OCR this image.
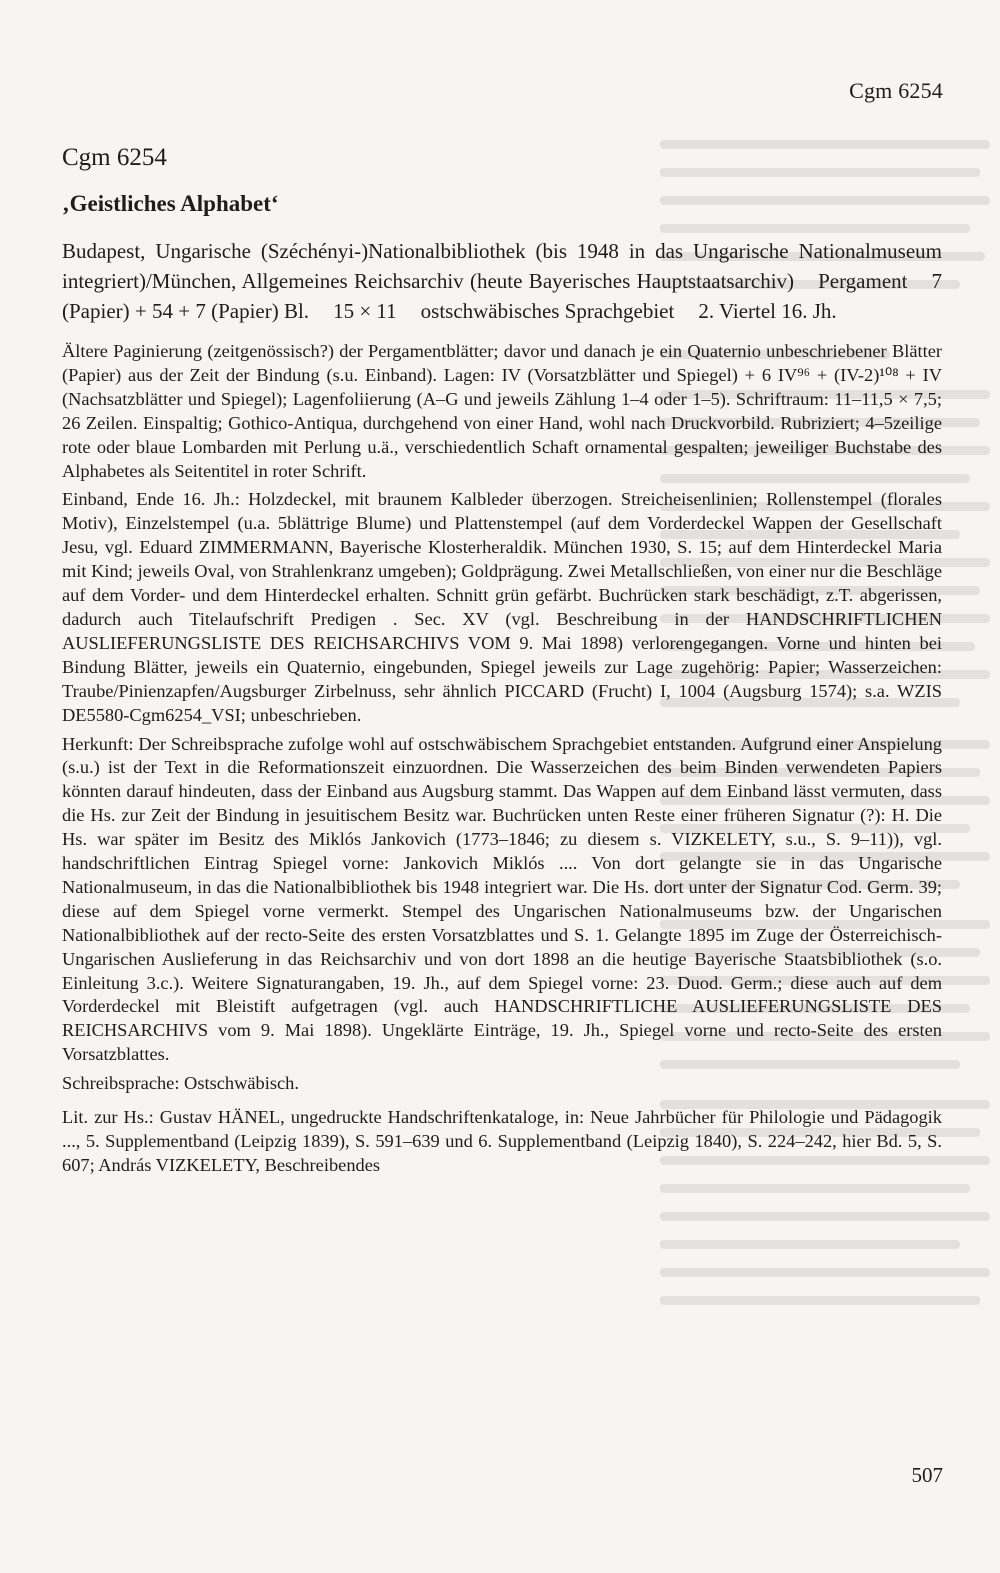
Cgm 6254
Cgm 6254
‚Geistliches Alphabet‘

Budapest, Ungarische (Széchényi-)Nationalbibliothek (bis 1948 in das Ungarische Nationalmuseum integriert)/München, Allgemeines Reichsarchiv (heute Bayerisches Hauptstaatsarchiv) Pergament 7 (Papier) + 54 + 7 (Papier) Bl. 15 × 11 ostschwäbisches Sprachgebiet 2. Viertel 16. Jh.

Ältere Paginierung (zeitgenössisch?) der Pergamentblätter; davor und danach je ein Quaternio unbeschriebener Blätter (Papier) aus der Zeit der Bindung (s.u. Einband). Lagen: IV (Vorsatzblätter und Spiegel) + 6 IV⁹⁶ + (IV-2)¹⁰⁸ + IV (Nachsatzblätter und Spiegel); Lagenfoliierung (A–G und jeweils Zählung 1–4 oder 1–5). Schriftraum: 11–11,5 × 7,5; 26 Zeilen. Einspaltig; Gothico-Antiqua, durchgehend von einer Hand, wohl nach Druckvorbild. Rubriziert; 4–5zeilige rote oder blaue Lombarden mit Perlung u.ä., verschiedentlich Schaft ornamental gespalten; jeweiliger Buchstabe des Alphabetes als Seitentitel in roter Schrift.

Einband, Ende 16. Jh.: Holzdeckel, mit braunem Kalbleder überzogen. Streicheisenlinien; Rollenstempel (florales Motiv), Einzelstempel (u.a. 5blättrige Blume) und Plattenstempel (auf dem Vorderdeckel Wappen der Gesellschaft Jesu, vgl. Eduard ZIMMERMANN, Bayerische Klosterheraldik. München 1930, S. 15; auf dem Hinterdeckel Maria mit Kind; jeweils Oval, von Strahlenkranz umgeben); Goldprägung. Zwei Metallschließen, von einer nur die Beschläge auf dem Vorder- und dem Hinterdeckel erhalten. Schnitt grün gefärbt. Buchrücken stark beschädigt, z.T. abgerissen, dadurch auch Titelaufschrift Predigen . Sec. XV (vgl. Beschreibung in der HANDSCHRIFTLICHEN AUSLIEFERUNGSLISTE DES REICHSARCHIVS VOM 9. Mai 1898) verlorengegangen. Vorne und hinten bei Bindung Blätter, jeweils ein Quaternio, eingebunden, Spiegel jeweils zur Lage zugehörig: Papier; Wasserzeichen: Traube/Pinienzapfen/Augsburger Zirbelnuss, sehr ähnlich PICCARD (Frucht) I, 1004 (Augsburg 1574); s.a. WZIS DE5580-Cgm6254_VSI; unbeschrieben.

Herkunft: Der Schreibsprache zufolge wohl auf ostschwäbischem Sprachgebiet entstanden. Aufgrund einer Anspielung (s.u.) ist der Text in die Reformationszeit einzuordnen. Die Wasserzeichen des beim Binden verwendeten Papiers könnten darauf hindeuten, dass der Einband aus Augsburg stammt. Das Wappen auf dem Einband lässt vermuten, dass die Hs. zur Zeit der Bindung in jesuitischem Besitz war. Buchrücken unten Reste einer früheren Signatur (?): H. Die Hs. war später im Besitz des Miklós Jankovich (1773–1846; zu diesem s. VIZKELETY, s.u., S. 9–11)), vgl. handschriftlichen Eintrag Spiegel vorne: Jankovich Miklós .... Von dort gelangte sie in das Ungarische Nationalmuseum, in das die Nationalbibliothek bis 1948 integriert war. Die Hs. dort unter der Signatur Cod. Germ. 39; diese auf dem Spiegel vorne vermerkt. Stempel des Ungarischen Nationalmuseums bzw. der Ungarischen Nationalbibliothek auf der recto-Seite des ersten Vorsatzblattes und S. 1. Gelangte 1895 im Zuge der Österreichisch-Ungarischen Auslieferung in das Reichsarchiv und von dort 1898 an die heutige Bayerische Staatsbibliothek (s.o. Einleitung 3.c.). Weitere Signaturangaben, 19. Jh., auf dem Spiegel vorne: 23. Duod. Germ.; diese auch auf dem Vorderdeckel mit Bleistift aufgetragen (vgl. auch HANDSCHRIFTLICHE AUSLIEFERUNGSLISTE DES REICHSARCHIVS vom 9. Mai 1898). Ungeklärte Einträge, 19. Jh., Spiegel vorne und recto-Seite des ersten Vorsatzblattes.

Schreibsprache: Ostschwäbisch.

Lit. zur Hs.: Gustav HÄNEL, ungedruckte Handschriftenkataloge, in: Neue Jahrbücher für Philologie und Pädagogik ..., 5. Supplementband (Leipzig 1839), S. 591–639 und 6. Supplementband (Leipzig 1840), S. 224–242, hier Bd. 5, S. 607; András VIZKELETY, Beschreibendes

507
